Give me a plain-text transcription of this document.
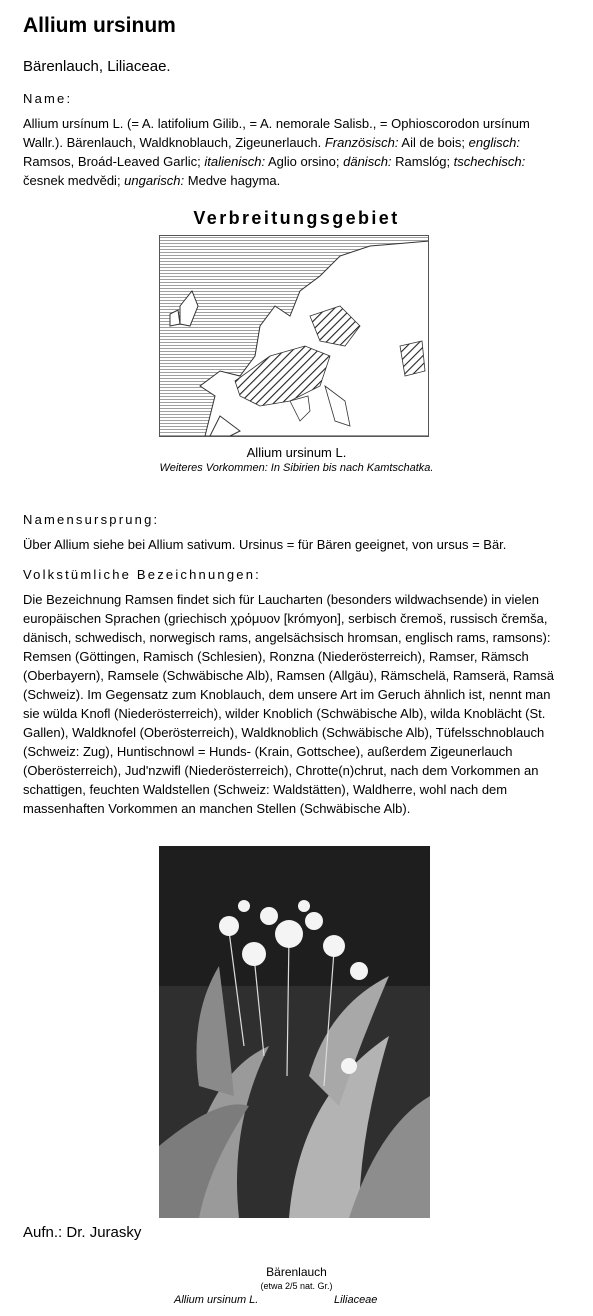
Allium ursinum
Bärenlauch, Liliaceae.
Name:
Allium ursínum L. (= A. latifolium Gilib., = A. nemorale Salisb., = Ophioscorodon ursínum Wallr.). Bärenlauch, Waldknoblauch, Zigeunerlauch. Französisch: Ail de bois; englisch: Ramsos, Broád-Leaved Garlic; italienisch: Aglio orsino; dänisch: Ramslóg; tschechisch: česnek medvědi; ungarisch: Medve hagyma.
Verbreitungsgebiet
Allium ursinum L.
Weiteres Vorkommen: In Sibirien bis nach Kamtschatka.
Namensursprung:
Über Allium siehe bei Allium sativum. Ursinus = für Bären geeignet, von ursus = Bär.
Volkstümliche Bezeichnungen:
Die Bezeichnung Ramsen findet sich für Laucharten (besonders wildwachsende) in vielen europäischen Sprachen (griechisch χρόμυον [krómyon], serbisch čremoš, russisch čremša, dänisch, schwedisch, norwegisch rams, angelsächsisch hromsan, englisch rams, ramsons): Remsen (Göttingen, Ramisch (Schlesien), Ronzna (Niederösterreich), Ramser, Rämsch (Oberbayern), Ramsele (Schwäbische Alb), Ramsen (Allgäu), Rämschelä, Ramserä, Ramsä (Schweiz). Im Gegensatz zum Knoblauch, dem unsere Art im Geruch ähnlich ist, nennt man sie wülda Knofl (Niederösterreich), wilder Knoblich (Schwäbische Alb), wilda Knoblächt (St. Gallen), Waldknofel (Oberösterreich), Waldknoblich (Schwäbische Alb), Tüfelsschnoblauch (Schweiz: Zug), Huntischnowl = Hunds- (Krain, Gottschee), außerdem Zigeunerlauch (Oberösterreich), Jud'nzwifl (Niederösterreich), Chrotte(n)chrut, nach dem Vorkommen an schattigen, feuchten Waldstellen (Schweiz: Waldstätten), Waldherre, wohl nach dem massenhaften Vorkommen an manchen Stellen (Schwäbische Alb).
Aufn.: Dr. Jurasky
Bärenlauch
(etwa 2/5 nat. Gr.)
Allium ursinum L.	Liliaceae
